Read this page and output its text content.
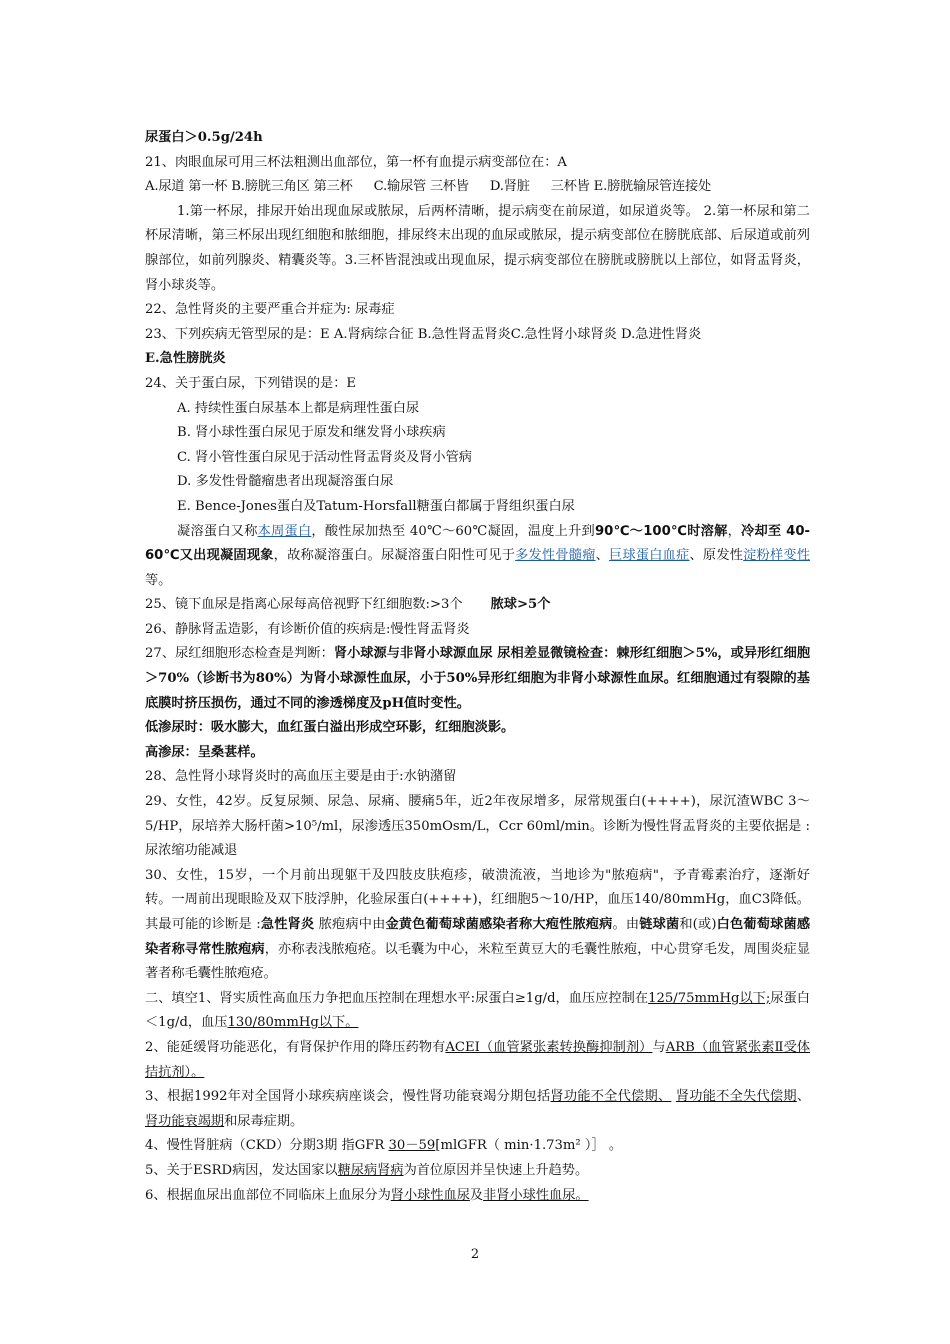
尿蛋白＞0.5g/24h
21、肉眼血尿可用三杯法粗测出血部位，第一杯有血提示病变部位在：A
A.尿道 第一杯 B.膀胱三角区 第三杯 　 C.输尿管 三杯皆 　 D.肾脏 　 三杯皆 E.膀胱输尿管连接处
1.第一杯尿，排尿开始出现血尿或脓尿，后两杯清晰，提示病变在前尿道，如尿道炎等。 2.第一杯尿和第二杯尿清晰，第三杯尿出现红细胞和脓细胞，排尿终末出现的血尿或脓尿，提示病变部位在膀胱底部、后尿道或前列腺部位，如前列腺炎、精囊炎等。3.三杯皆混浊或出现血尿，提示病变部位在膀胱或膀胱以上部位，如肾盂肾炎，肾小球炎等。
22、急性肾炎的主要严重合并症为: 尿毒症
23、下列疾病无管型尿的是：E A.肾病综合征 B.急性肾盂肾炎C.急性肾小球肾炎 D.急进性肾炎
E.急性膀胱炎
24、关于蛋白尿，下列错误的是：E
A. 持续性蛋白尿基本上都是病理性蛋白尿
B. 肾小球性蛋白尿见于原发和继发肾小球疾病
C. 肾小管性蛋白尿见于活动性肾盂肾炎及肾小管病
D. 多发性骨髓瘤患者出现凝溶蛋白尿
E. Bence-Jones蛋白及Tatum-Horsfall糖蛋白都属于肾组织蛋白尿
凝溶蛋白又称本周蛋白，酸性尿加热至 40℃～60℃凝固，温度上升到90℃～100℃时溶解，冷却至 40-60℃又出现凝固现象，故称凝溶蛋白。尿凝溶蛋白阳性可见于多发性骨髓瘤、巨球蛋白血症、原发性淀粉样变性等。
25、镜下血尿是指离心尿每高倍视野下红细胞数:>3个 脓球>5个
26、静脉肾盂造影，有诊断价值的疾病是:慢性肾盂肾炎
27、尿红细胞形态检查是判断：肾小球源与非肾小球源血尿 尿相差显微镜检查：棘形红细胞＞5%，或异形红细胞＞70%（诊断书为80%）为肾小球源性血尿，小于50%异形红细胞为非肾小球源性血尿。红细胞通过有裂隙的基底膜时挤压损伤，通过不同的渗透梯度及pH值时变性。
低渗尿时：吸水膨大，血红蛋白溢出形成空环影，红细胞淡影。
高渗尿：呈桑葚样。
28、急性肾小球肾炎时的高血压主要是由于:水钠潴留
29、女性，42岁。反复尿频、尿急、尿痛、腰痛5年，近2年夜尿增多，尿常规蛋白(++++)，尿沉渣WBC 3～5/HP，尿培养大肠杆菌>10⁵/ml，尿渗透压350mOsm/L，Ccr 60ml/min。诊断为慢性肾盂肾炎的主要依据是 :尿浓缩功能减退
30、女性，15岁，一个月前出现躯干及四肢皮肤疱疹，破溃流液，当地诊为"脓疱病"，予青霉素治疗，逐渐好转。一周前出现眼睑及双下肢浮肿，化验尿蛋白(++++)，红细胞5～10/HP，血压140/80mmHg，血C3降低。其最可能的诊断是 :急性肾炎 脓疱病中由金黄色葡萄球菌感染者称大疱性脓疱病。由链球菌和(或)白色葡萄球菌感染者称寻常性脓疱病，亦称表浅脓疱疮。以毛囊为中心，米粒至黄豆大的毛囊性脓疱，中心贯穿毛发，周围炎症显著者称毛囊性脓疱疮。
二、填空1、肾实质性高血压力争把血压控制在理想水平:尿蛋白≥1g/d，血压应控制在125/75mmHg以下;尿蛋白＜1g/d，血压130/80mmHg以下。
2、能延缓肾功能恶化，有肾保护作用的降压药物有ACEI（血管紧张素转换酶抑制剂）与ARB（血管紧张素Ⅱ受体拮抗剂）。
3、根据1992年对全国肾小球疾病座谈会，慢性肾功能衰竭分期包括肾功能不全代偿期、 肾功能不全失代偿期、肾功能衰竭期和尿毒症期。
4、慢性肾脏病（CKD）分期3期 指GFR 30－59[mlGFR（ min·1.73m² ）］ 。
5、关于ESRD病因，发达国家以糖尿病肾病为首位原因并呈快速上升趋势。
6、根据血尿出血部位不同临床上血尿分为肾小球性血尿及非肾小球性血尿。
2
